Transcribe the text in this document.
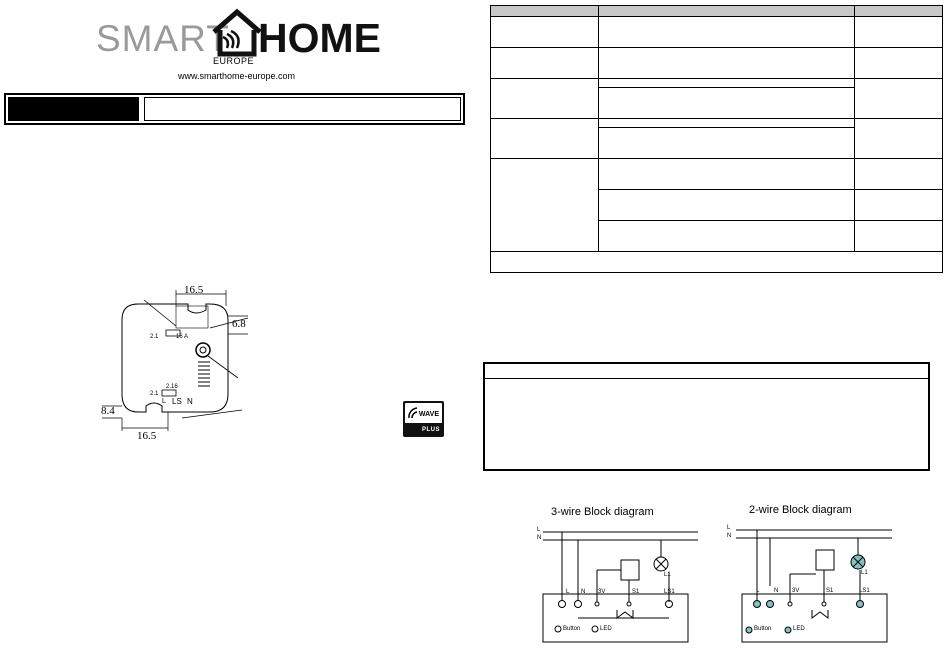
SMART HOME
EUROPE
www.smarthome-europe.com
16.5
6.8
8.4
16.5
2.1	16 A
2.16
2.1
L LS N
WAVE
PLUS

3-wire Block diagram
L
N
L N 3V	S1	LS1
L1
Button	LED
2-wire Block diagram
L
N
L N 3V	S1	LS1
L1
Button	LED
